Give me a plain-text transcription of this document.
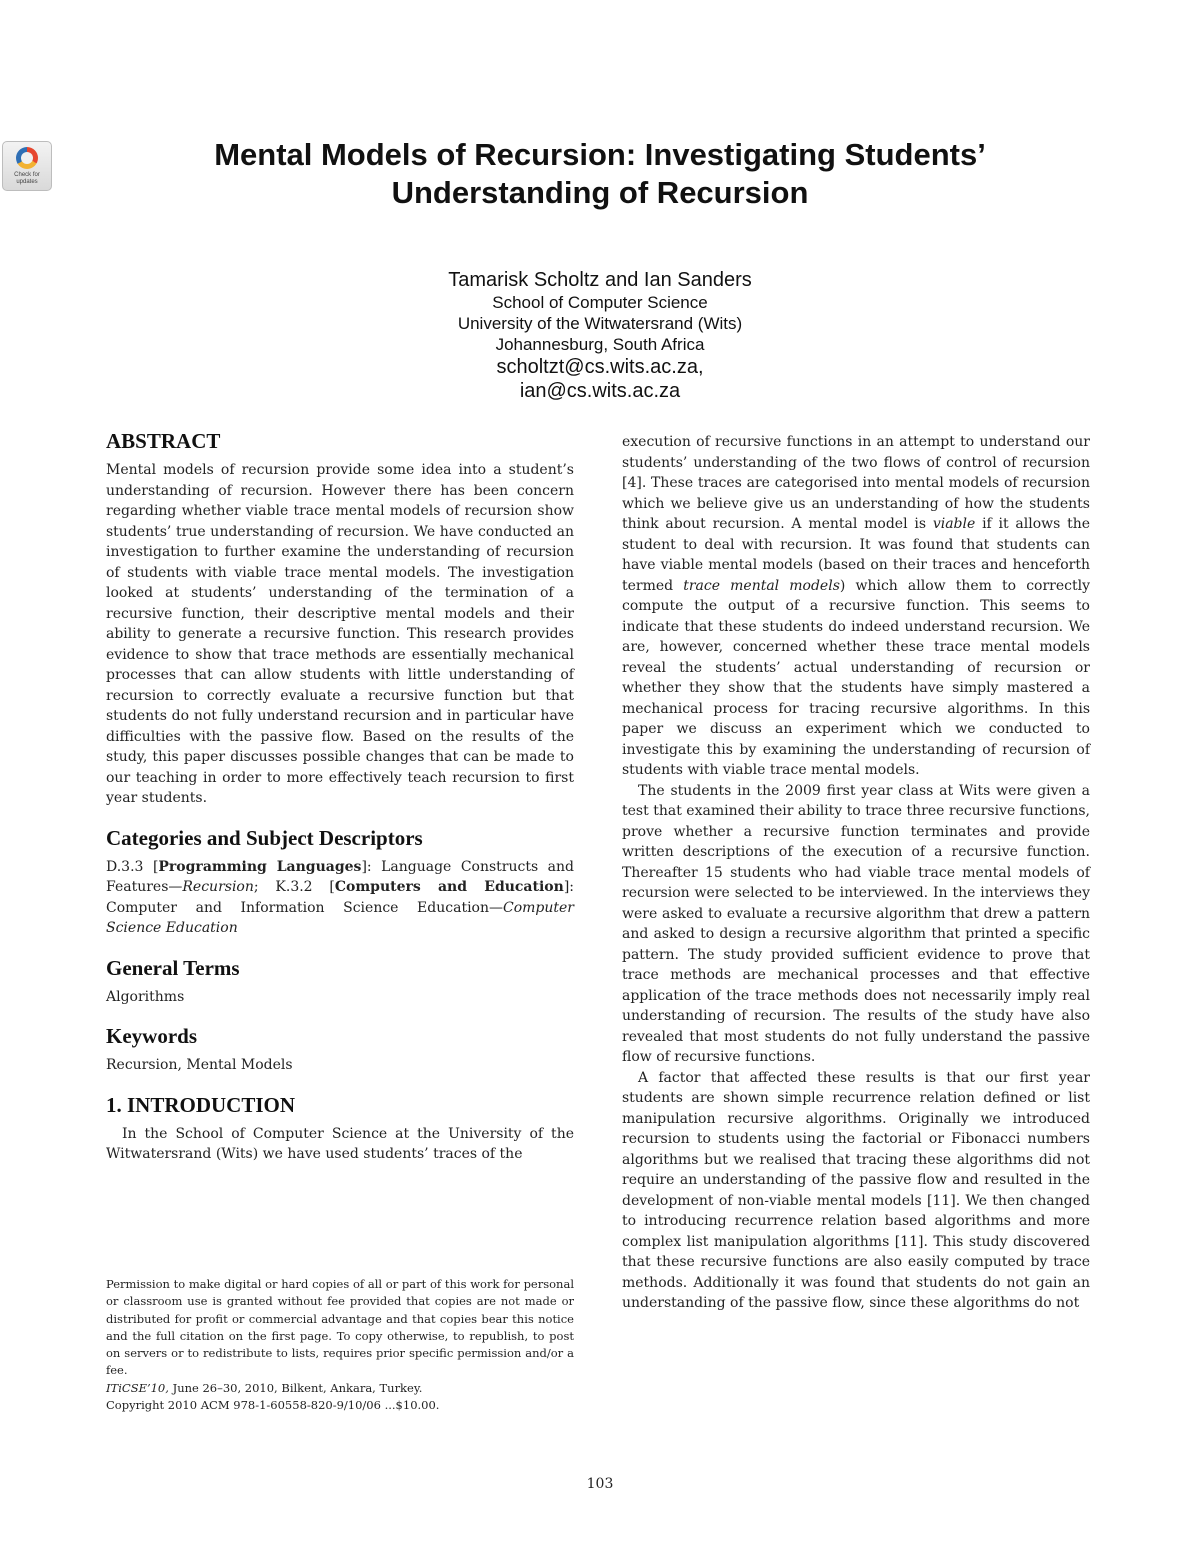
Check for updates
Mental Models of Recursion: Investigating Students’
Understanding of Recursion
Tamarisk Scholtz and Ian Sanders
School of Computer Science
University of the Witwatersrand (Wits)
Johannesburg, South Africa
scholtzt@cs.wits.ac.za,
ian@cs.wits.ac.za
ABSTRACT

Mental models of recursion provide some idea into a student’s understanding of recursion. However there has been concern regarding whether viable trace mental models of recursion show students’ true understanding of recursion. We have conducted an investigation to further examine the understanding of recursion of students with viable trace mental models. The investigation looked at students’ understanding of the termination of a recursive function, their descriptive mental models and their ability to generate a recursive function. This research provides evidence to show that trace methods are essentially mechanical processes that can allow students with little understanding of recursion to correctly evaluate a recursive function but that students do not fully understand recursion and in particular have difficulties with the passive flow. Based on the results of the study, this paper discusses possible changes that can be made to our teaching in order to more effectively teach recursion to first year students.

Categories and Subject Descriptors

D.3.3 [Programming Languages]: Language Constructs and Features—Recursion; K.3.2 [Computers and Education]: Computer and Information Science Education—Computer Science Education

General Terms

Algorithms

Keywords

Recursion, Mental Models

1. INTRODUCTION

In the School of Computer Science at the University of the Witwatersrand (Wits) we have used students’ traces of the

Permission to make digital or hard copies of all or part of this work for personal or classroom use is granted without fee provided that copies are not made or distributed for profit or commercial advantage and that copies bear this notice and the full citation on the first page. To copy otherwise, to republish, to post on servers or to redistribute to lists, requires prior specific permission and/or a fee.

ITiCSE’10, June 26–30, 2010, Bilkent, Ankara, Turkey.

Copyright 2010 ACM 978-1-60558-820-9/10/06 ...$10.00.

execution of recursive functions in an attempt to understand our students’ understanding of the two flows of control of recursion [4]. These traces are categorised into mental models of recursion which we believe give us an understanding of how the students think about recursion. A mental model is viable if it allows the student to deal with recursion. It was found that students can have viable mental models (based on their traces and henceforth termed trace mental models) which allow them to correctly compute the output of a recursive function. This seems to indicate that these students do indeed understand recursion. We are, however, concerned whether these trace mental models reveal the students’ actual understanding of recursion or whether they show that the students have simply mastered a mechanical process for tracing recursive algorithms. In this paper we discuss an experiment which we conducted to investigate this by examining the understanding of recursion of students with viable trace mental models.

The students in the 2009 first year class at Wits were given a test that examined their ability to trace three recursive functions, prove whether a recursive function terminates and provide written descriptions of the execution of a recursive function. Thereafter 15 students who had viable trace mental models of recursion were selected to be interviewed. In the interviews they were asked to evaluate a recursive algorithm that drew a pattern and asked to design a recursive algorithm that printed a specific pattern. The study provided sufficient evidence to prove that trace methods are mechanical processes and that effective application of the trace methods does not necessarily imply real understanding of recursion. The results of the study have also revealed that most students do not fully understand the passive flow of recursive functions.

A factor that affected these results is that our first year students are shown simple recurrence relation defined or list manipulation recursive algorithms. Originally we introduced recursion to students using the factorial or Fibonacci numbers algorithms but we realised that tracing these algorithms did not require an understanding of the passive flow and resulted in the development of non-viable mental models [11]. We then changed to introducing recurrence relation based algorithms and more complex list manipulation algorithms [11]. This study discovered that these recursive functions are also easily computed by trace methods. Additionally it was found that students do not gain an understanding of the passive flow, since these algorithms do not

103
